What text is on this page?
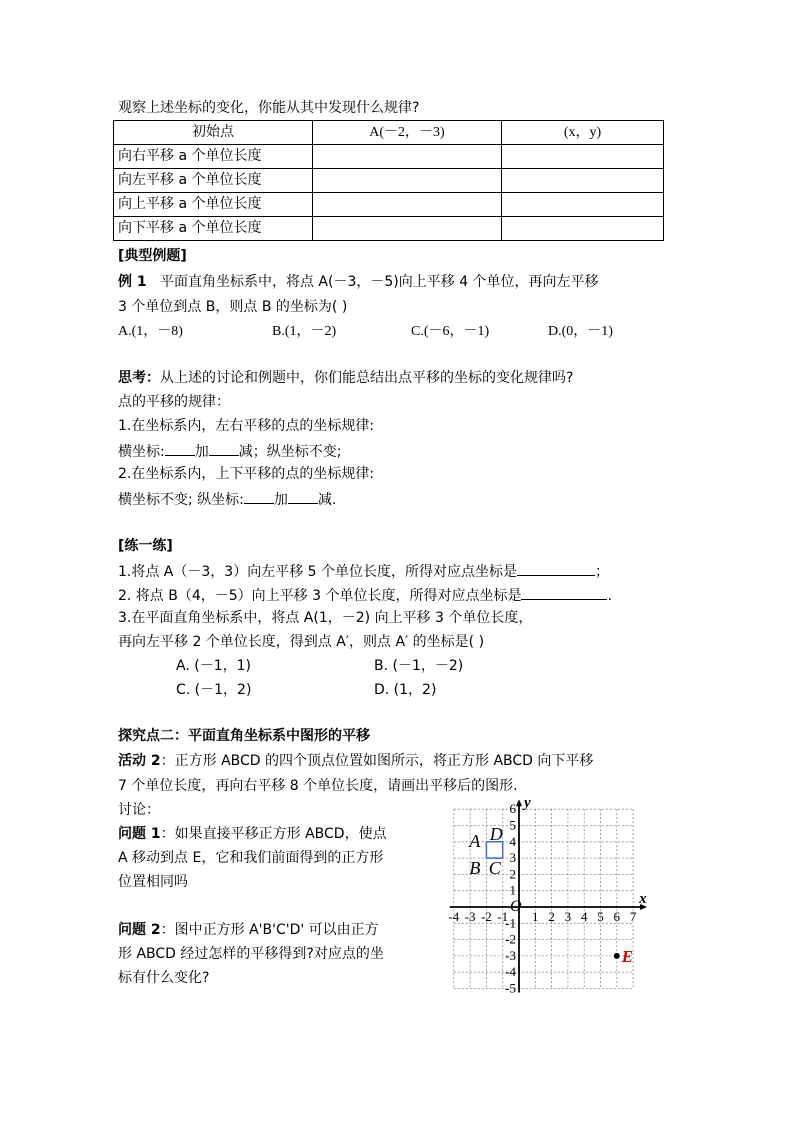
观察上述坐标的变化，你能从其中发现什么规律?
初始点	A(－2，－3)	(x，y)
向右平移 a 个单位长度		
向左平移 a 个单位长度		
向上平移 a 个单位长度		
向下平移 a 个单位长度		
[典型例题]
例 1 平面直角坐标系中，将点 A(－3，－5)向上平移 4 个单位，再向左平移
3 个单位到点 B，则点 B 的坐标为( )
A.(1，－8)	B.(1，－2)	C.(－6，－1)	D.(0，－1)
思考：从上述的讨论和例题中，你们能总结出点平移的坐标的变化规律吗?
点的平移的规律：
1.在坐标系内，左右平移的点的坐标规律:
横坐标: 加 减；纵坐标不变;
2.在坐标系内，上下平移的点的坐标规律:
横坐标不变; 纵坐标: 加 减.
[练一练]
1.将点 A（－3，3）向左平移 5 个单位长度，所得对应点坐标是	；
2. 将点 B（4，－5）向上平移 3 个单位长度，所得对应点坐标是	.
3.在平面直角坐标系中，将点 A(1，－2) 向上平移 3 个单位长度，
再向左平移 2 个单位长度，得到点 A′，则点 A′ 的坐标是( )
A. (－1，1)	B. (－1，－2)
C. (－1，2)	D. (1，2)
探究点二：平面直角坐标系中图形的平移
活动 2：正方形 ABCD 的四个顶点位置如图所示，将正方形 ABCD 向下平移
7 个单位长度，再向右平移 8 个单位长度，请画出平移后的图形.
讨论：
问题 1：如果直接平移正方形 ABCD，使点
A 移动到点 E，它和我们前面得到的正方形
位置相同吗
问题 2：图中正方形 A'B'C'D' 可以由正方
形 ABCD 经过怎样的平移得到?对应点的坐
标有什么变化?
x
y
O
-4 -3 -2 -1 1 2 3 4 5 6 7
-5
-4
-3
-2
-1
1
2
3
4
5
6
A
B C
D
E
